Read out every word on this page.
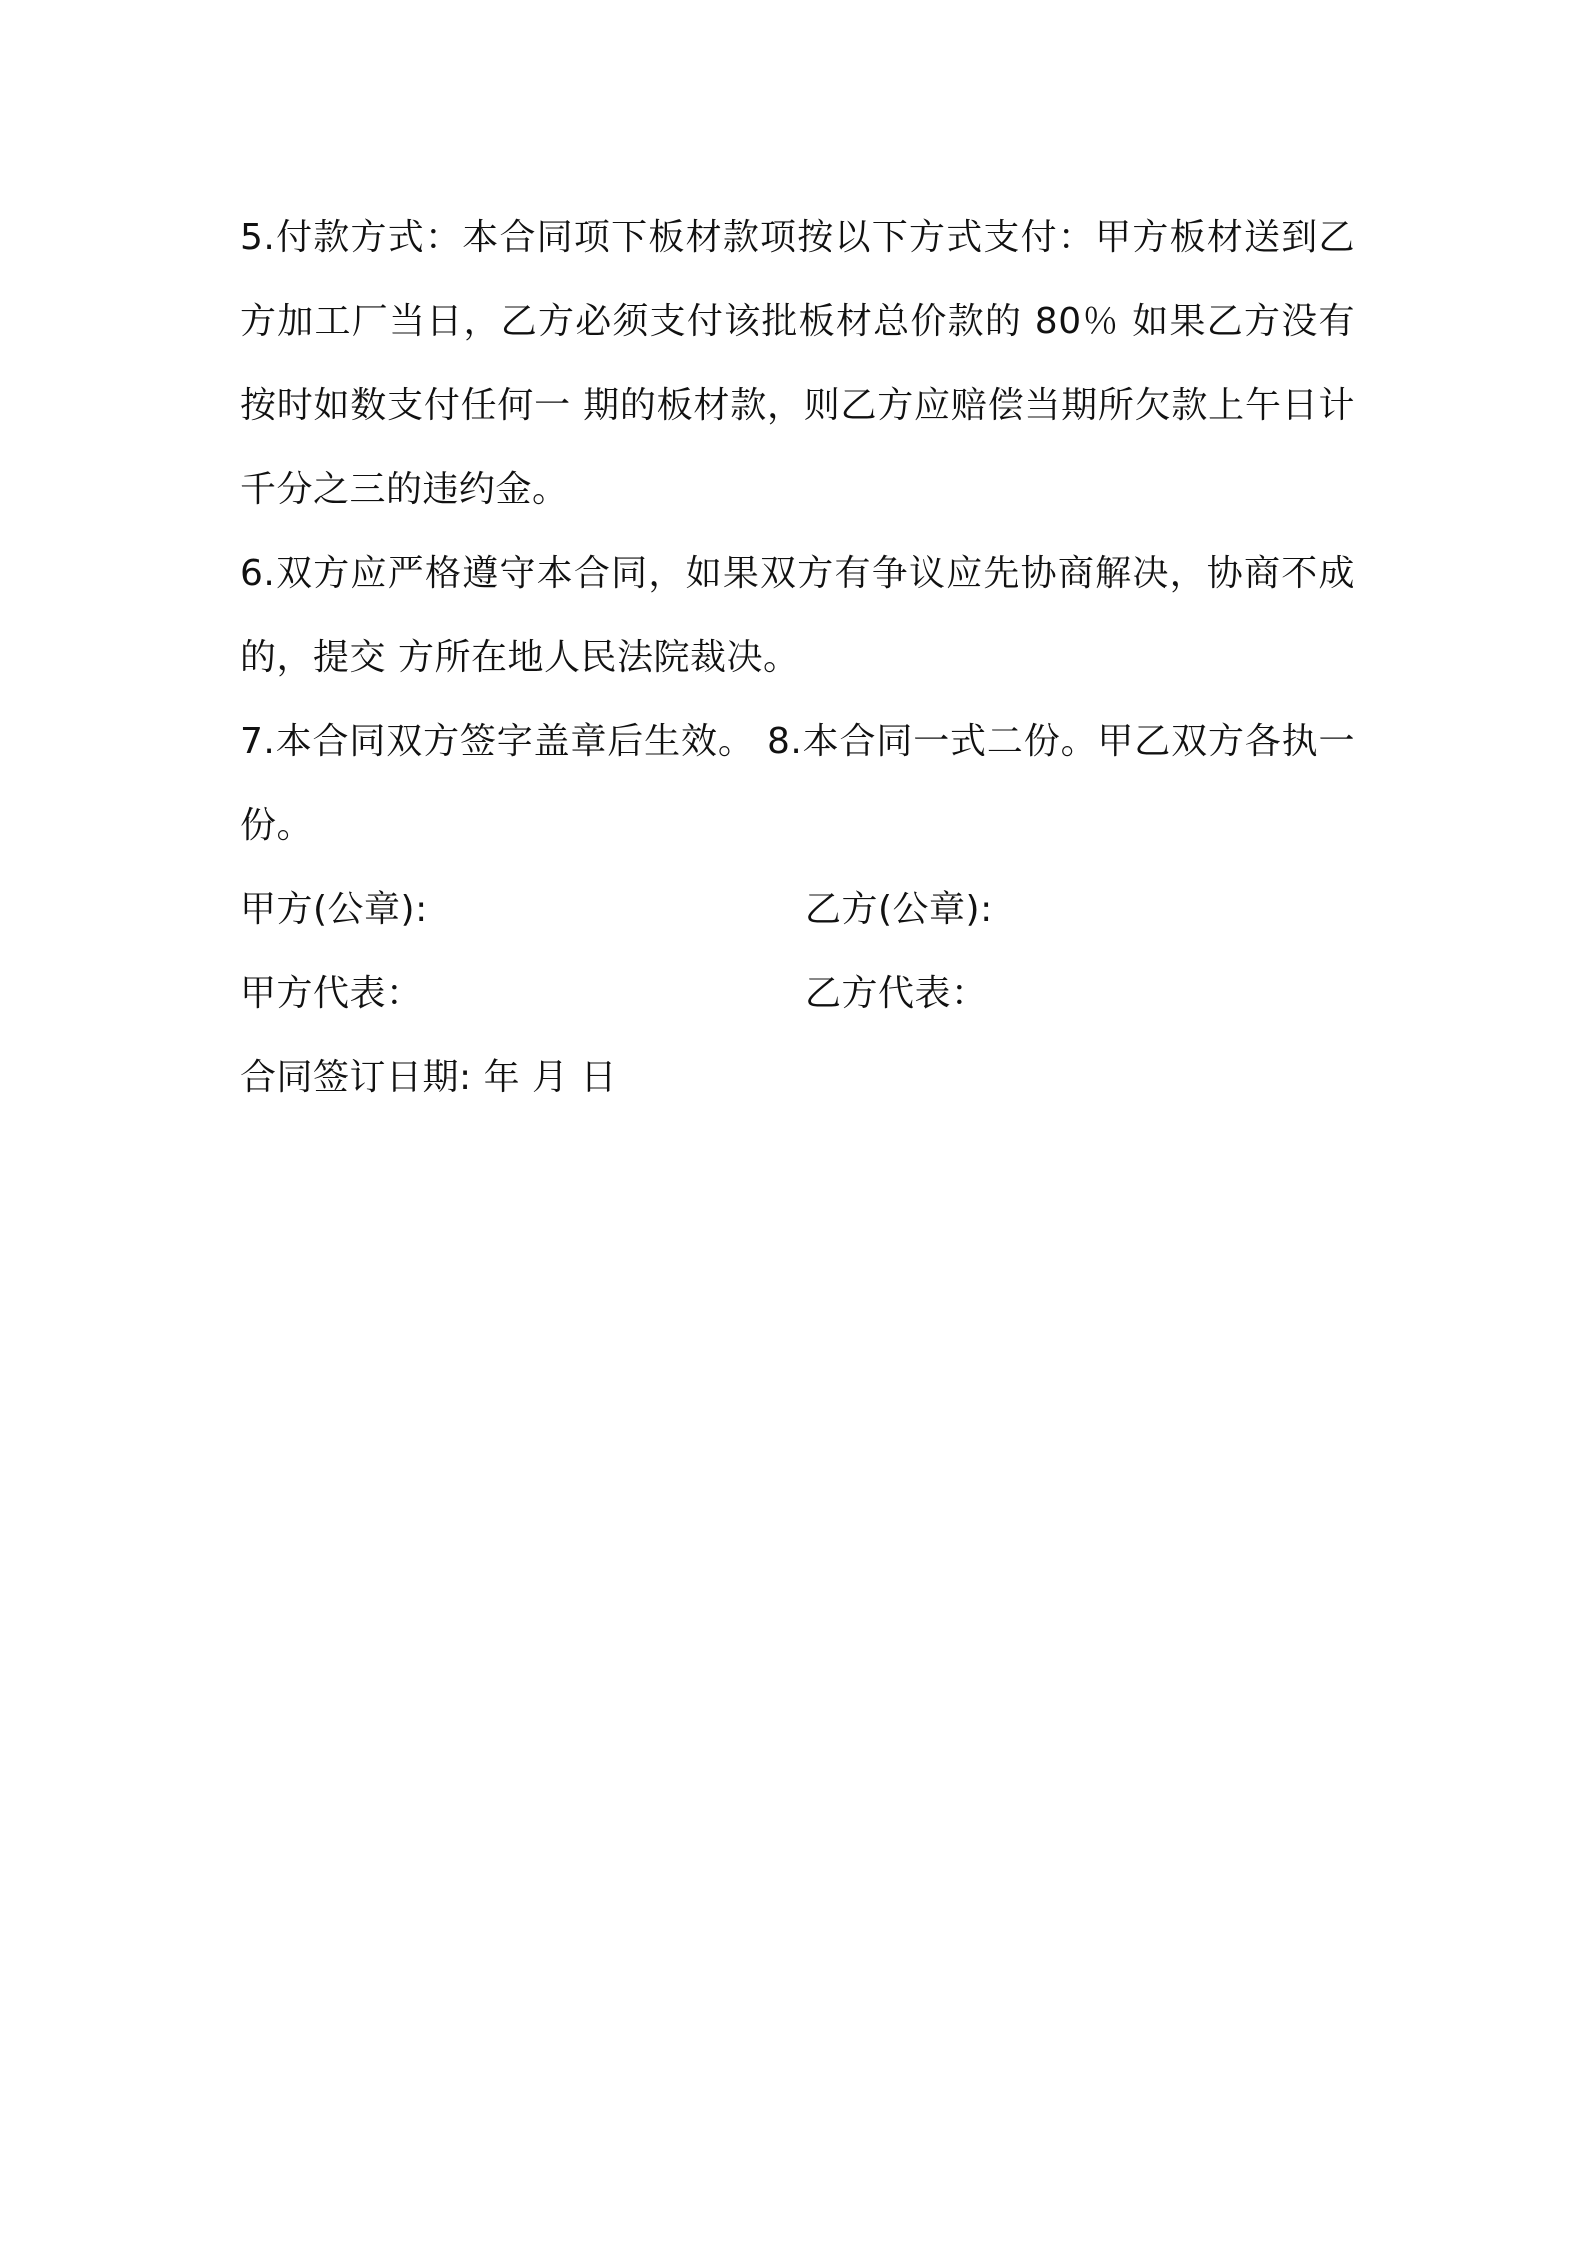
5.付款方式：本合同项下板材款项按以下方式支付：甲方板材送到乙方加工厂当日，乙方必须支付该批板材总价款的 80％ 如果乙方没有按时如数支付任何一 期的板材款，则乙方应赔偿当期所欠款上午日计千分之三的违约金。

6.双方应严格遵守本合同，如果双方有争议应先协商解决，协商不成的，提交 方所在地人民法院裁决。

7.本合同双方签字盖章后生效。 8.本合同一式二份。甲乙双方各执一份。

甲方(公章):	乙方(公章):
甲方代表：	乙方代表：
合同签订日期: 年 月 日
